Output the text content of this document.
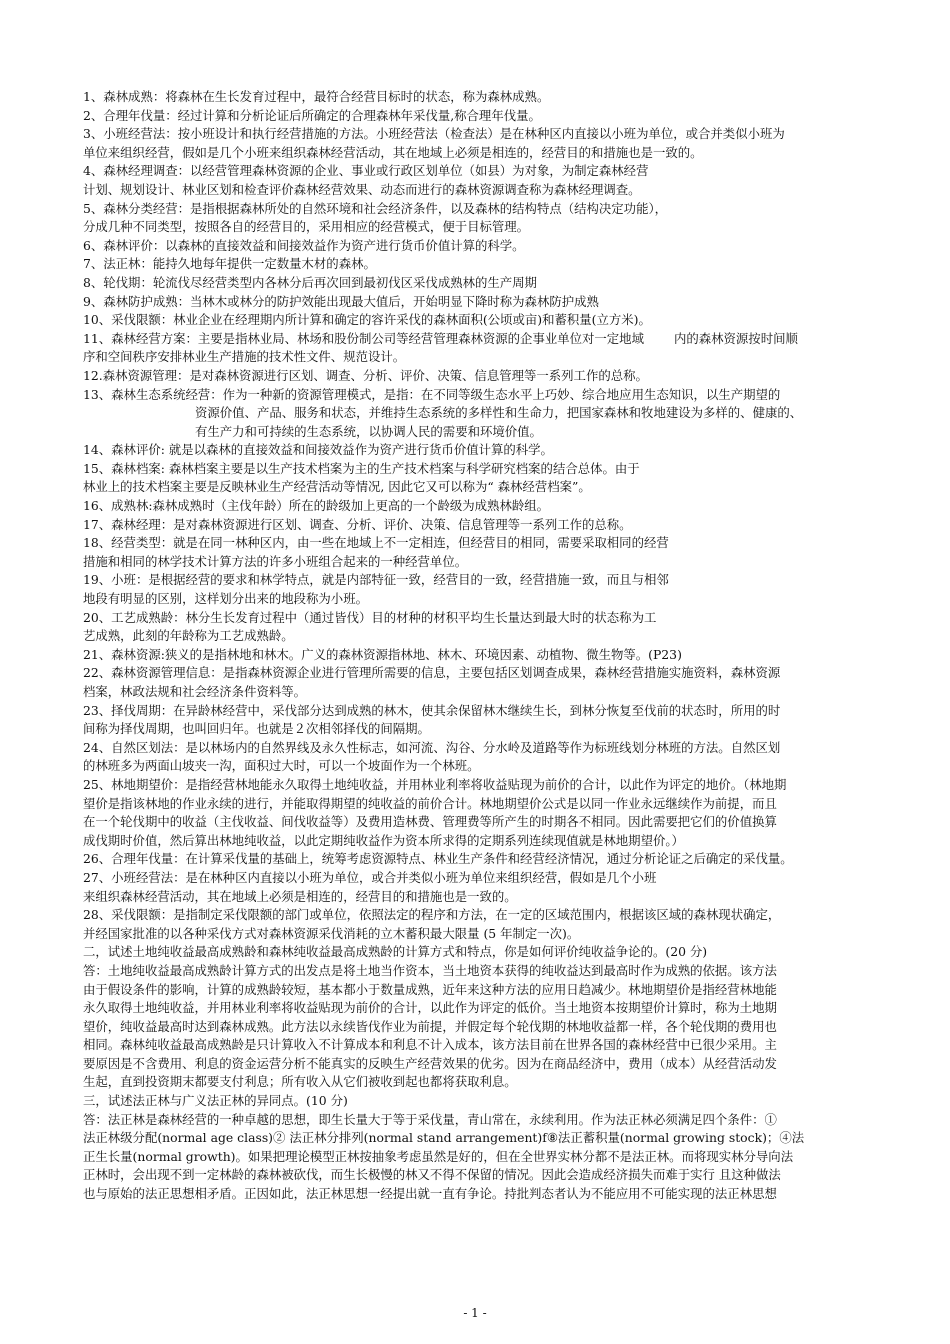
1、森林成熟：将森林在生长发育过程中，最符合经营目标时的状态，称为森林成熟。
2、合理年伐量：经过计算和分析论证后所确定的合理森林年采伐量,称合理年伐量。
3、小班经营法：按小班设计和执行经营措施的方法。小班经营法（检查法）是在林种区内直接以小班为单位，或合并类似小班为
单位来组织经营，假如是几个小班来组织森林经营活动，其在地域上必须是相连的，经营目的和措施也是一致的。
4、森林经理调查：以经营管理森林资源的企业、事业或行政区划单位（如县）为对象，为制定森林经营
计划、规划设计、林业区划和检查评价森林经营效果、动态而进行的森林资源调查称为森林经理调查。
5、森林分类经营：是指根据森林所处的自然环境和社会经济条件，以及森林的结构特点（结构决定功能），
分成几种不同类型，按照各自的经营目的，采用相应的经营模式，便于目标管理。
6、森林评价：以森林的直接效益和间接效益作为资产进行货币价值计算的科学。
7、法正林：能持久地每年提供一定数量木材的森林。
8、轮伐期：轮流伐尽经营类型内各林分后再次回到最初伐区采伐成熟林的生产周期
9、森林防护成熟：当林木或林分的防护效能出现最大值后，开始明显下降时称为森林防护成熟
10、采伐限额：林业企业在经理期内所计算和确定的容许采伐的森林面积(公顷或亩)和蓄积量(立方米)。
11、森林经营方案：主要是指林业局、林场和股份制公司等经营管理森林资源的企事业单位对一定地域 内的森林资源按时间顺
序和空间秩序安排林业生产措施的技术性文件、规范设计。
12.森林资源管理：是对森林资源进行区划、调查、分析、评价、决策、信息管理等一系列工作的总称。
13、森林生态系统经营：作为一种新的资源管理模式，是指：在不同等级生态水平上巧妙、综合地应用生态知识，以生产期望的
资源价值、产品、服务和状态，并维持生态系统的多样性和生命力，把国家森林和牧地建设为多样的、健康的、
有生产力和可持续的生态系统，以协调人民的需要和环境价值。
14、森林评价: 就是以森林的直接效益和间接效益作为资产进行货币价值计算的科学。
15、森林档案: 森林档案主要是以生产技术档案为主的生产技术档案与科学研究档案的结合总体。由于
林业上的技术档案主要是反映林业生产经营活动等情况, 因此它又可以称为“ 森林经营档案”。
16、成熟林:森林成熟时（主伐年龄）所在的龄级加上更高的一个龄级为成熟林龄组。
17、森林经理：是对森林资源进行区划、调查、分析、评价、决策、信息管理等一系列工作的总称。
18、经营类型：就是在同一林种区内，由一些在地域上不一定相连，但经营目的相同，需要采取相同的经营
措施和相同的林学技术计算方法的许多小班组合起来的一种经营单位。
19、小班：是根据经营的要求和林学特点，就是内部特征一致，经营目的一致，经营措施一致，而且与相邻
地段有明显的区别，这样划分出来的地段称为小班。
20、工艺成熟龄：林分生长发育过程中（通过皆伐）目的材种的材积平均生长量达到最大时的状态称为工
艺成熟，此刻的年龄称为工艺成熟龄。
21、森林资源:狭义的是指林地和林木。广义的森林资源指林地、林木、环境因素、动植物、微生物等。(P23)
22、森林资源管理信息：是指森林资源企业进行管理所需要的信息，主要包括区划调查成果，森林经营措施实施资料，森林资源
档案，林政法规和社会经济条件资料等。
23、择伐周期：在异龄林经营中，采伐部分达到成熟的林木，使其余保留林木继续生长，到林分恢复至伐前的状态时，所用的时
间称为择伐周期，也叫回归年。也就是２次相邻择伐的间隔期。
24、自然区划法：是以林场内的自然界线及永久性标志，如河流、沟谷、分水岭及道路等作为标班线划分林班的方法。自然区划
的林班多为两面山坡夹一沟，面积过大时，可以一个坡面作为一个林班。
25、林地期望价：是指经营林地能永久取得土地纯收益，并用林业利率将收益贴现为前价的合计，以此作为评定的地价。（林地期
望价是指该林地的作业永续的进行，并能取得期望的纯收益的前价合计。林地期望价公式是以同一作业永远继续作为前提，而且
在一个轮伐期中的收益（主伐收益、间伐收益等）及费用造林费、管理费等所产生的时期各不相同。因此需要把它们的价值换算
成伐期时价值，然后算出林地纯收益，以此定期纯收益作为资本所求得的定期系列连续现值就是林地期望价。）
26、合理年伐量：在计算采伐量的基础上，统筹考虑资源特点、林业生产条件和经营经济情况，通过分析论证之后确定的采伐量。
27、小班经营法：是在林种区内直接以小班为单位，或合并类似小班为单位来组织经营，假如是几个小班
来组织森林经营活动，其在地域上必须是相连的，经营目的和措施也是一致的。
28、采伐限额：是指制定采伐限额的部门或单位，依照法定的程序和方法，在一定的区域范围内，根据该区域的森林现状确定，
并经国家批准的以各种采伐方式对森林资源采伐消耗的立木蓄积最大限量 (5 年制定一次)。
二，试述土地纯收益最高成熟龄和森林纯收益最高成熟龄的计算方式和特点，你是如何评价纯收益争论的。(20 分)
答：土地纯收益最高成熟龄计算方式的出发点是将土地当作资本，当土地资本获得的纯收益达到最高时作为成熟的依据。该方法
由于假设条件的影响，计算的成熟龄较短，基本都小于数量成熟，近年来这种方法的应用日趋减少。林地期望价是指经营林地能
永久取得土地纯收益，并用林业利率将收益贴现为前价的合计，以此作为评定的低价。当土地资本按期望价计算时，称为土地期
望价，纯收益最高时达到森林成熟。此方法以永续皆伐作业为前提，并假定每个轮伐期的林地收益都一样，各个轮伐期的费用也
相同。森林纯收益最高成熟龄是只计算收入不计算成本和利息不计入成本，该方法目前在世界各国的森林经营中已很少采用。主
要原因是不含费用、利息的资金运营分析不能真实的反映生产经营效果的优劣。因为在商品经济中，费用（成本）从经营活动发
生起，直到投资期末都要支付利息；所有收入从它们被收到起也都将获取利息。
三，试述法正林与广义法正林的异同点。(10 分)
答：法正林是森林经营的一种卓越的思想，即生长量大于等于采伐量，青山常在，永续利用。作为法正林必须满足四个条件：①
法正林级分配(normal age class)② 法正林分排列(normal stand arrangement)f⑧法正蓄积量(normal growing stock)；④法
正生长量(normal growth)。如果把理论模型正林按抽象考虑虽然是好的，但在全世界实林分都不是法正林。而将现实林分导向法
正林时，会出现不到一定林龄的森林被砍伐，而生长极慢的林又不得不保留的情况。因此会造成经济损失而难于实行 且这种做法
也与原始的法正思想相矛盾。正因如此，法正林思想一经提出就一直有争论。持批判态者认为不能应用不可能实现的法正林思想
- 1 -
